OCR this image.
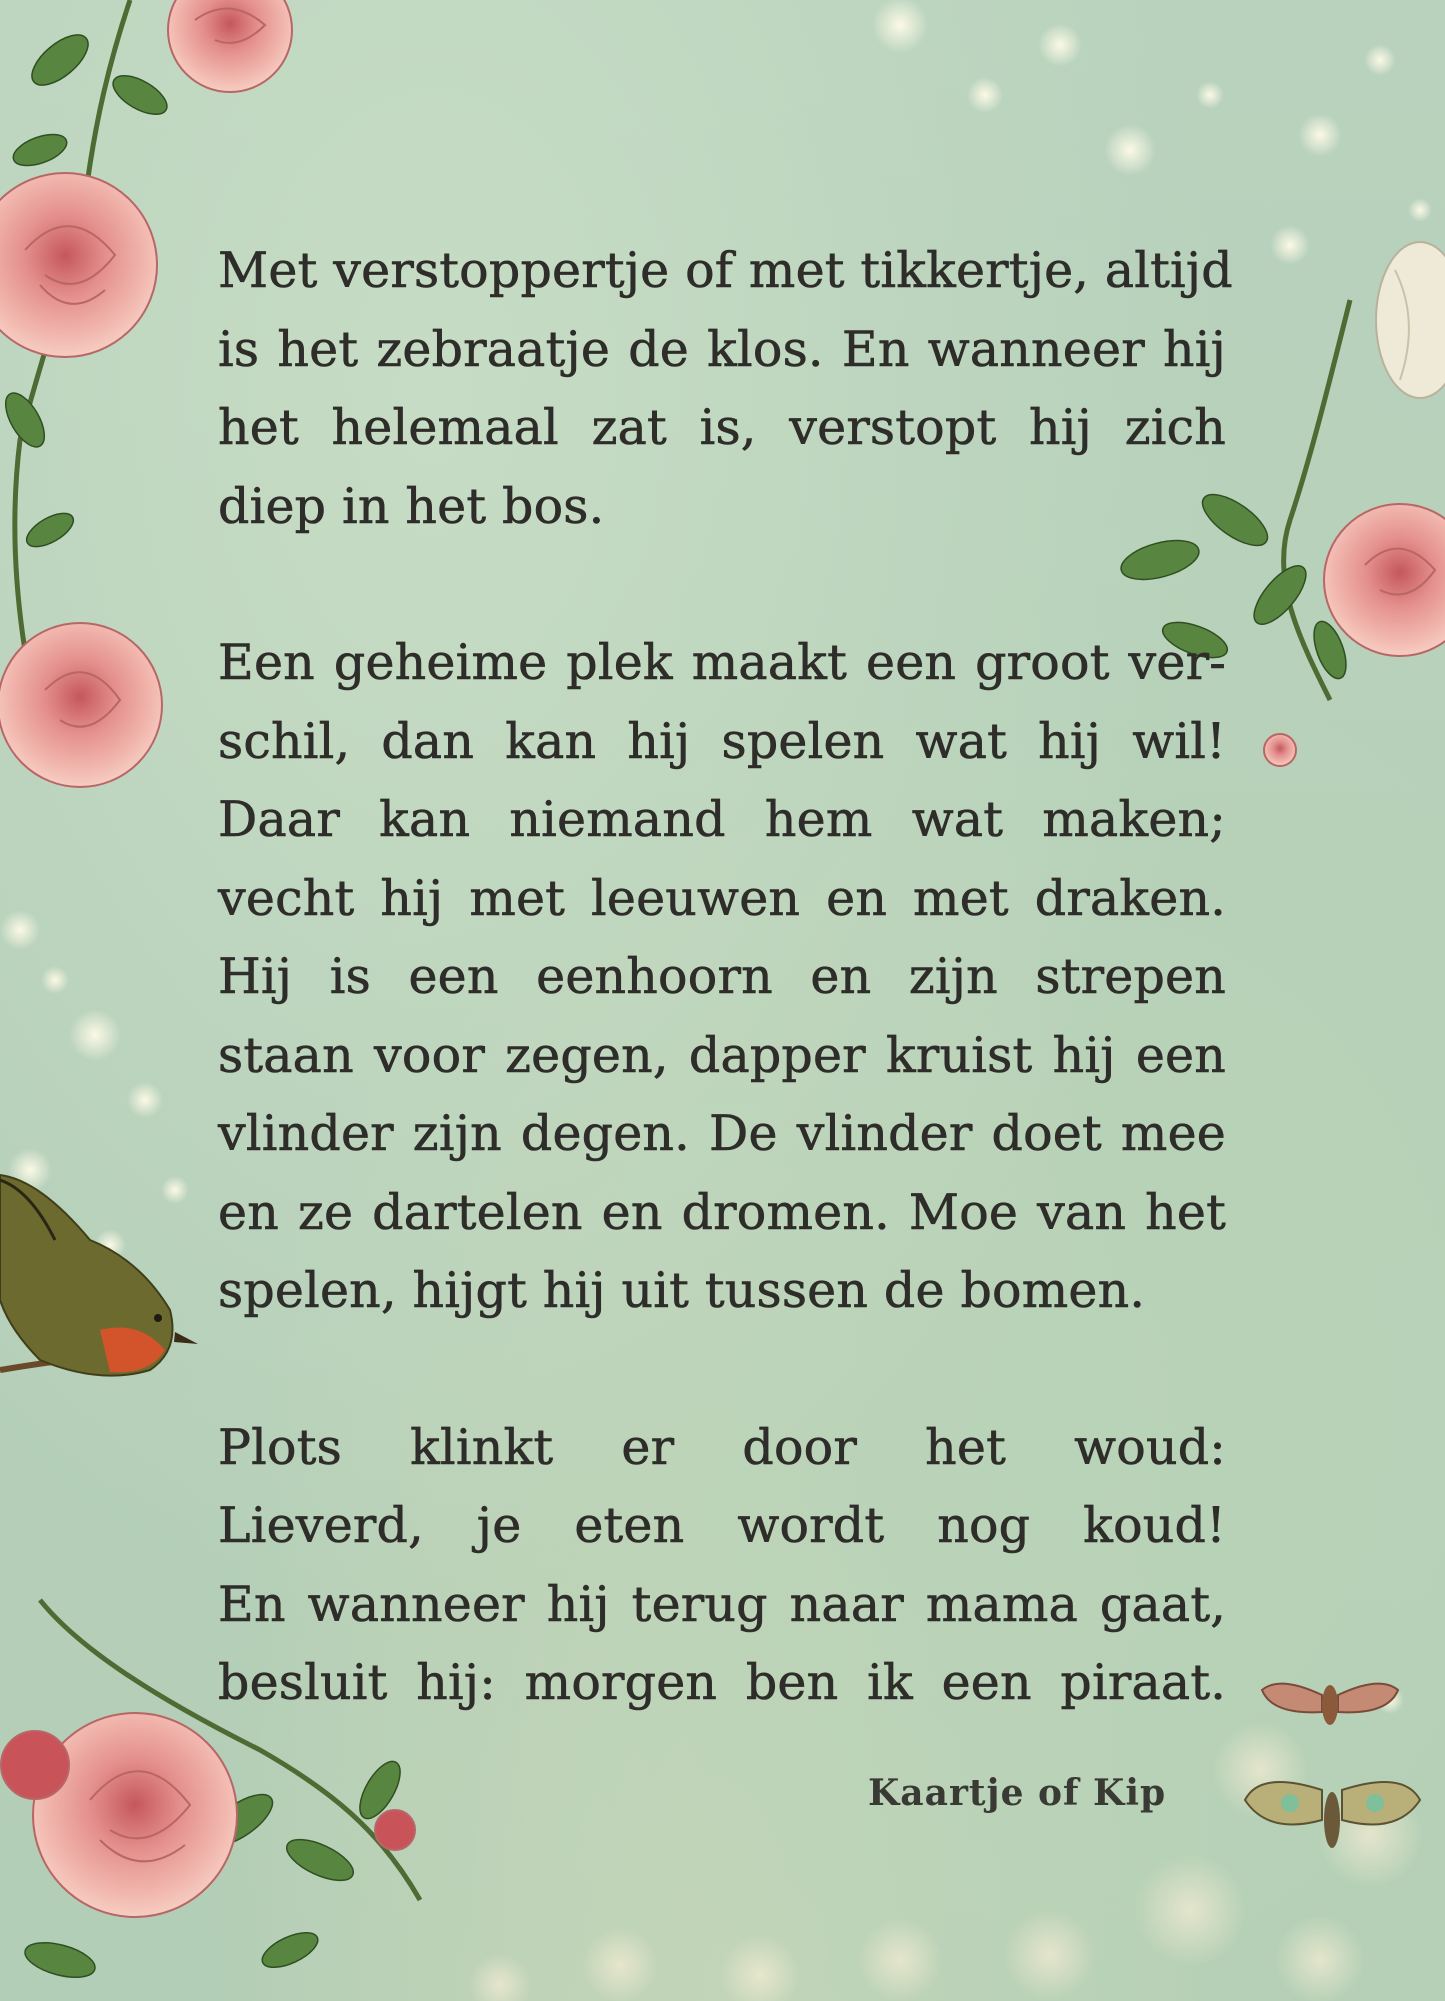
Met verstoppertje of met tikkertje, altijd
is het zebraatje de klos. En wanneer hij
het helemaal zat is, verstopt hij zich
diep in het bos.
Een geheime plek maakt een groot ver-
schil, dan kan hij spelen wat hij wil!
Daar kan niemand hem wat maken;
vecht hij met leeuwen en met draken.
Hij is een eenhoorn en zijn strepen
staan voor zegen, dapper kruist hij een
vlinder zijn degen. De vlinder doet mee
en ze dartelen en dromen. Moe van het
spelen, hijgt hij uit tussen de bomen.
Plots klinkt er door het woud:
Lieverd, je eten wordt nog koud!
En wanneer hij terug naar mama gaat,
besluit hij: morgen ben ik een piraat.
Kaartje of Kip
